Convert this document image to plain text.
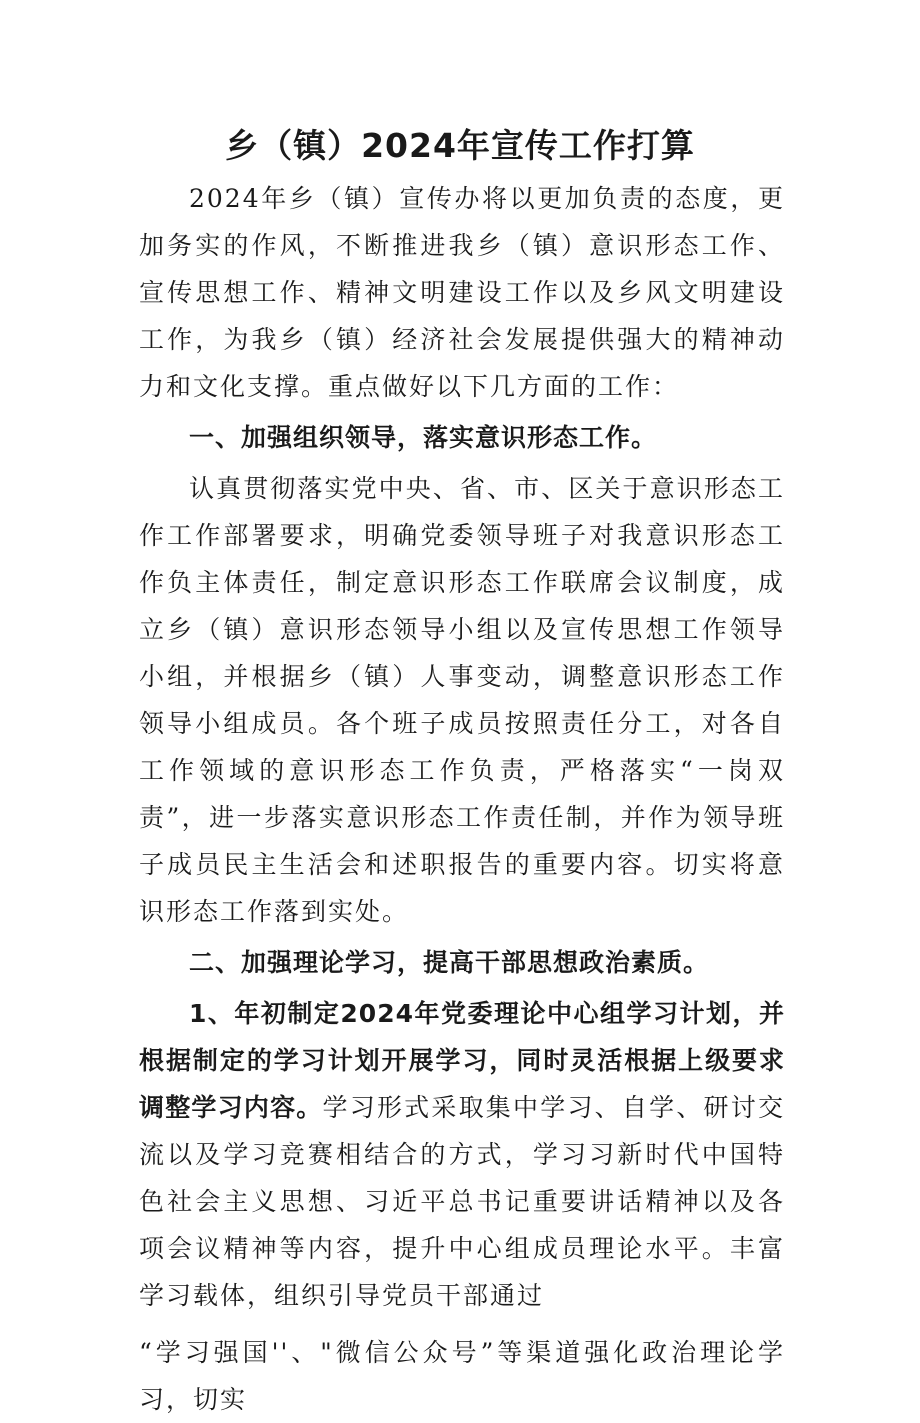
乡（镇）2024年宣传工作打算

2024年乡（镇）宣传办将以更加负责的态度，更加务实的作风，不断推进我乡（镇）意识形态工作、宣传思想工作、精神文明建设工作以及乡风文明建设工作，为我乡（镇）经济社会发展提供强大的精神动力和文化支撑。重点做好以下几方面的工作：

一、加强组织领导，落实意识形态工作。

认真贯彻落实党中央、省、市、区关于意识形态工作工作部署要求，明确党委领导班子对我意识形态工作负主体责任，制定意识形态工作联席会议制度，成立乡（镇）意识形态领导小组以及宣传思想工作领导小组，并根据乡（镇）人事变动，调整意识形态工作领导小组成员。各个班子成员按照责任分工，对各自工作领域的意识形态工作负责，严格落实“一岗双责”，进一步落实意识形态工作责任制，并作为领导班子成员民主生活会和述职报告的重要内容。切实将意识形态工作落到实处。

二、加强理论学习，提高干部思想政治素质。

1、年初制定2024年党委理论中心组学习计划，并根据制定的学习计划开展学习，同时灵活根据上级要求调整学习内容。学习形式采取集中学习、自学、研讨交流以及学习竞赛相结合的方式，学习习新时代中国特色社会主义思想、习近平总书记重要讲话精神以及各项会议精神等内容，提升中心组成员理论水平。丰富学习载体，组织引导党员干部通过

“学习强国''、"微信公众号”等渠道强化政治理论学习，切实
